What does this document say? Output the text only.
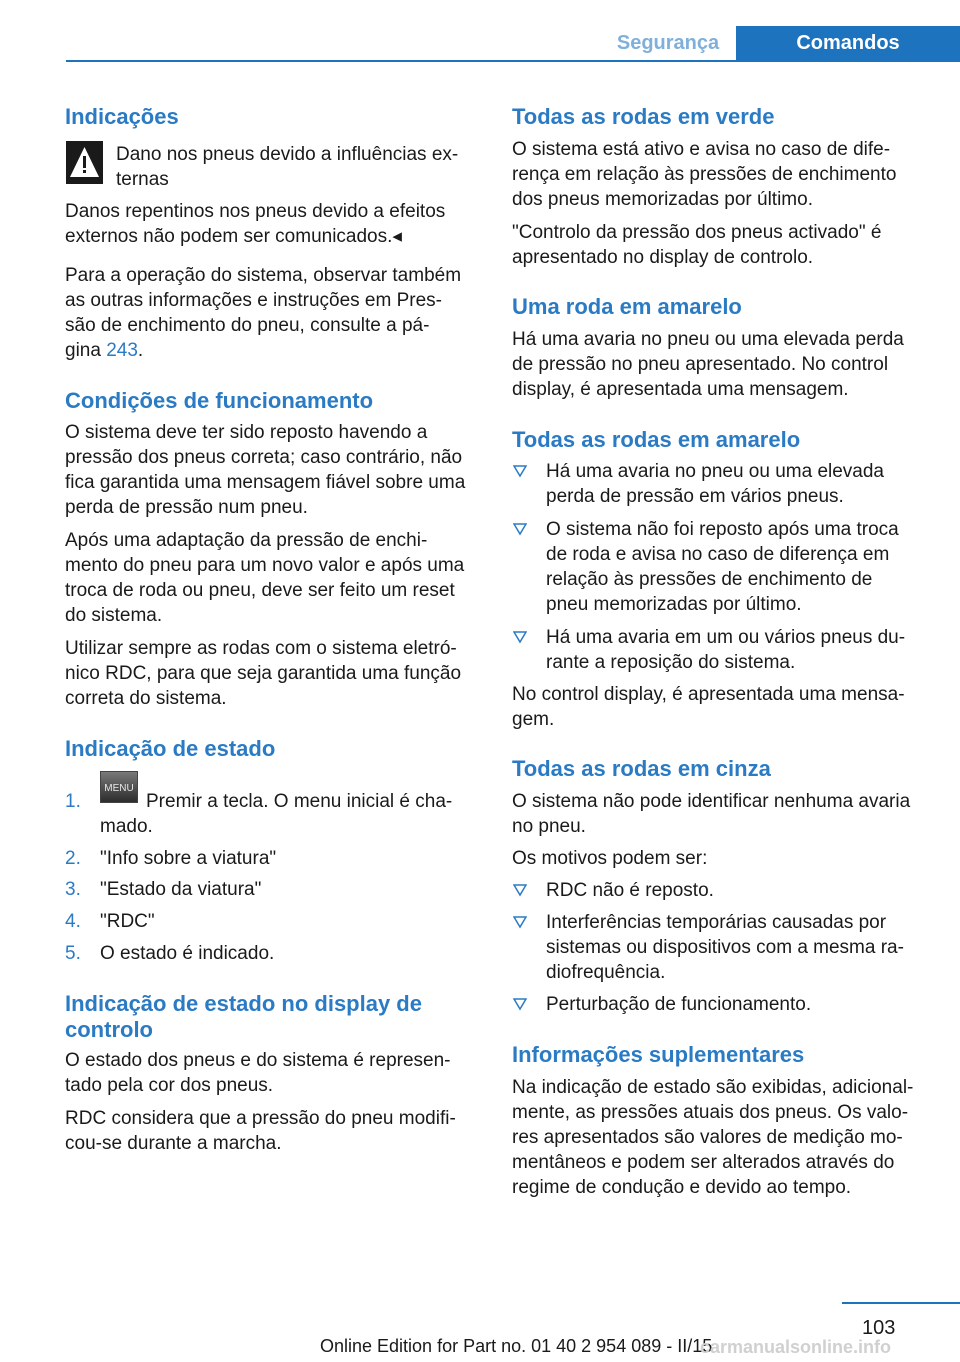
Segurança	Comandos
Indicações

Dano nos pneus devido a influências ex-

ternas

Danos repentinos nos pneus devido a efeitos

externos não podem ser comunicados.◂

Para a operação do sistema, observar também

as outras informações e instruções em Pres-

são de enchimento do pneu, consulte a pá-

gina 243.

Condições de funcionamento

O sistema deve ter sido reposto havendo a

pressão dos pneus correta; caso contrário, não

fica garantida uma mensagem fiável sobre uma

perda de pressão num pneu.

Após uma adaptação da pressão de enchi-

mento do pneu para um novo valor e após uma

troca de roda ou pneu, deve ser feito um reset

do sistema.

Utilizar sempre as rodas com o sistema eletró-

nico RDC, para que seja garantida uma função

correta do sistema.

Indicação de estado
1.
MENU

Premir a tecla. O menu inicial é cha-

mado.

2. "Info sobre a viatura"

3. "Estado da viatura"

4. "RDC"

5. O estado é indicado.

Indicação de estado no display de
controlo

O estado dos pneus e do sistema é represen-

tado pela cor dos pneus.

RDC considera que a pressão do pneu modifi-

cou-se durante a marcha.

Todas as rodas em verde

O sistema está ativo e avisa no caso de dife-

rença em relação às pressões de enchimento

dos pneus memorizadas por último.

"Controlo da pressão dos pneus activado" é

apresentado no display de controlo.

Uma roda em amarelo

Há uma avaria no pneu ou uma elevada perda

de pressão no pneu apresentado. No control

display, é apresentada uma mensagem.

Todas as rodas em amarelo

Há uma avaria no pneu ou uma elevada

perda de pressão em vários pneus.

O sistema não foi reposto após uma troca

de roda e avisa no caso de diferença em

relação às pressões de enchimento de

pneu memorizadas por último.

Há uma avaria em um ou vários pneus du-

rante a reposição do sistema.

No control display, é apresentada uma mensa-

gem.

Todas as rodas em cinza

O sistema não pode identificar nenhuma avaria

no pneu.

Os motivos podem ser:

RDC não é reposto.

Interferências temporárias causadas por

sistemas ou dispositivos com a mesma ra-

diofrequência.

Perturbação de funcionamento.

Informações suplementares

Na indicação de estado são exibidas, adicional-

mente, as pressões atuais dos pneus. Os valo-

res apresentados são valores de medição mo-

mentâneos e podem ser alterados através do

regime de condução e devido ao tempo.

103
Online Edition for Part no. 01 40 2 954 089 - II/15
carmanualsonline.info
